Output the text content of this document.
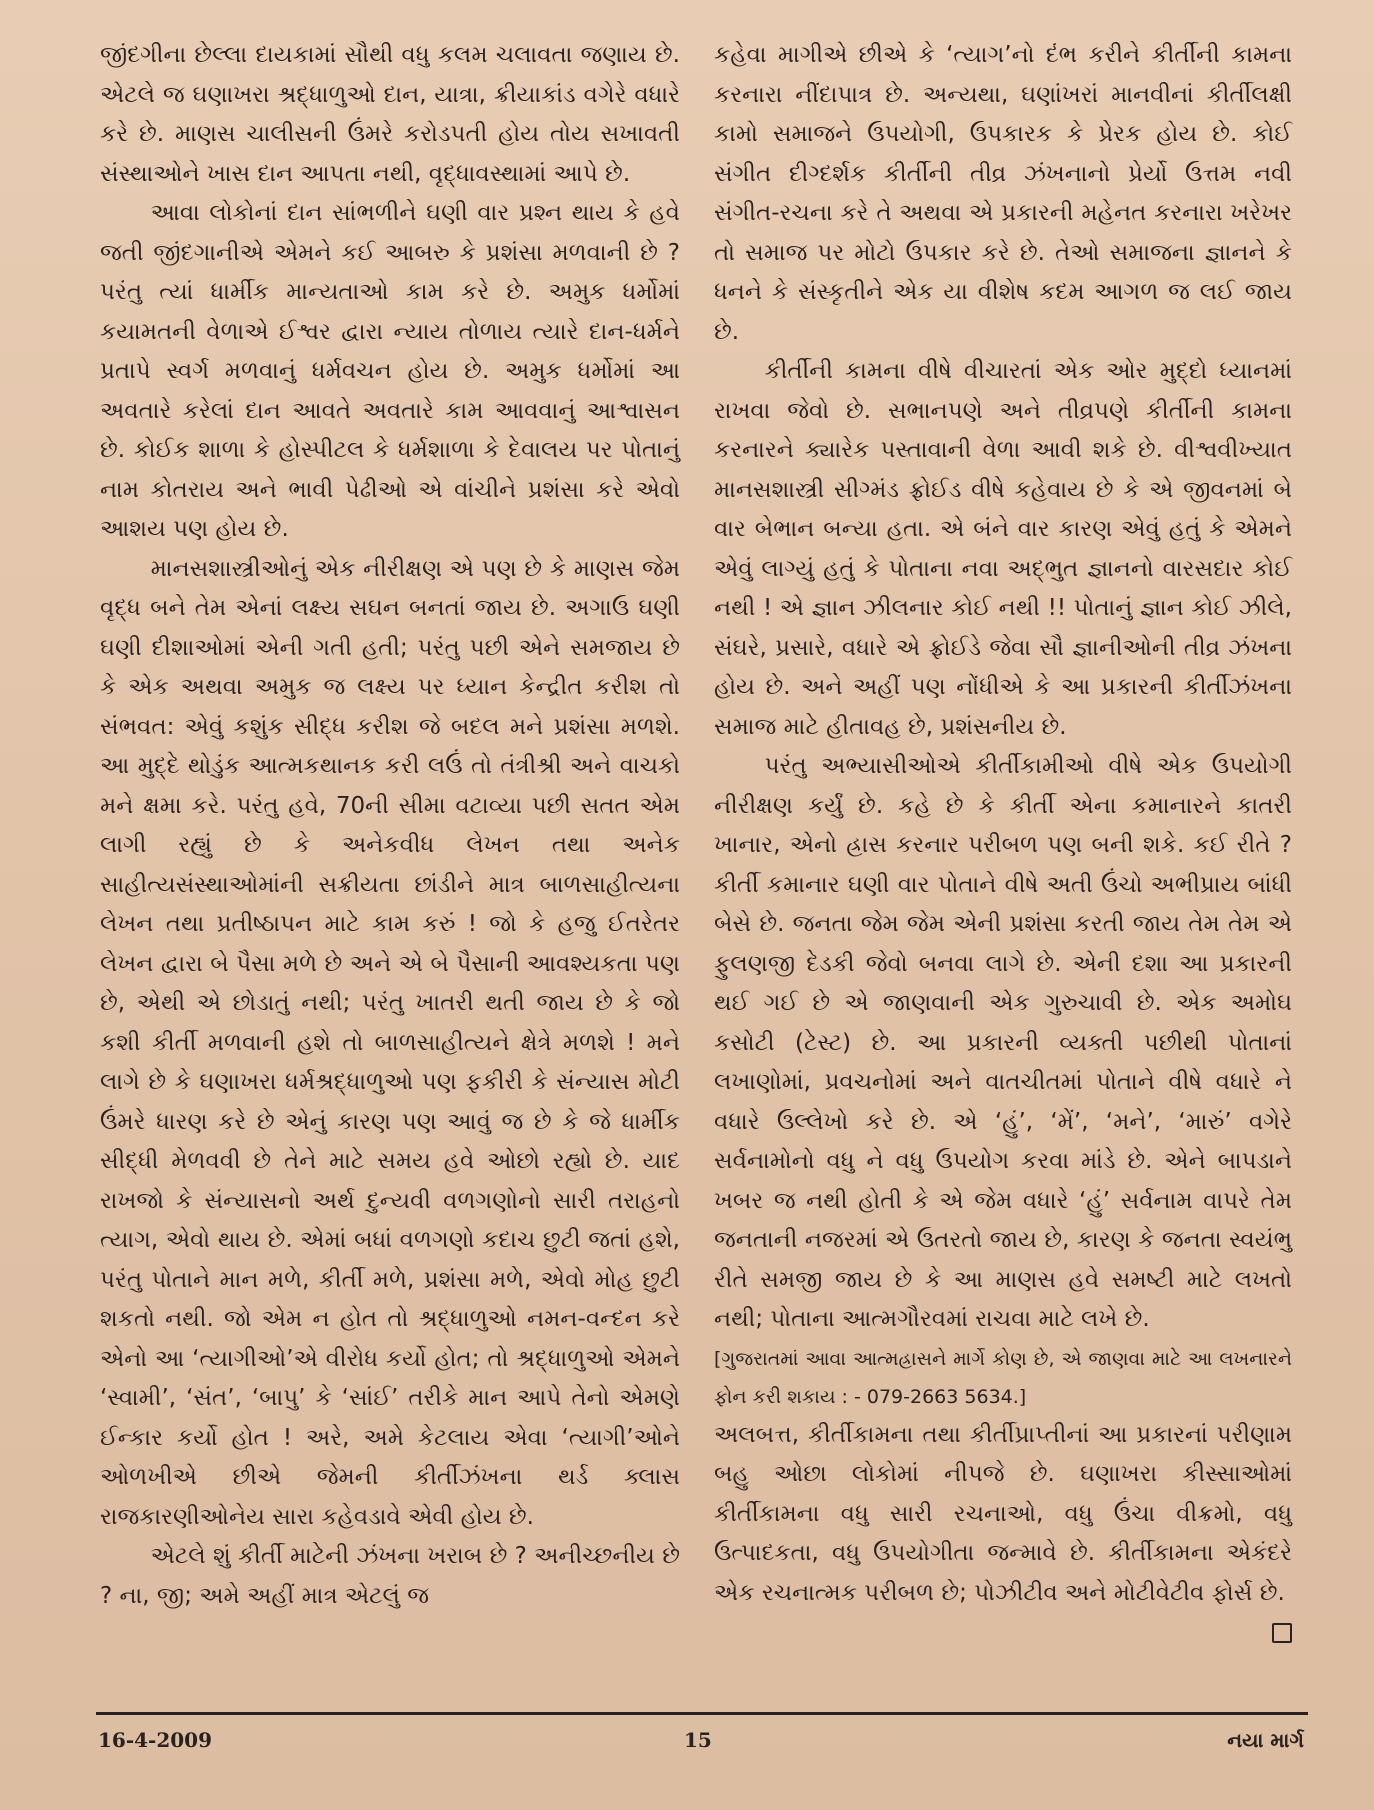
જીંદગીના છેલ્લા દાયકામાં સૌથી વધુ કલમ ચલાવતા જણાય છે. એટલે જ ઘણાખરા શ્રદ્ધાળુઓ દાન, યાત્રા, ક્રીયાકાંડ વગેરે વધારે કરે છે. માણસ ચાલીસની ઉંમરે કરોડપતી હોય તોય સખાવતી સંસ્થાઓને ખાસ દાન આપતા નથી, વૃદ્ધાવસ્થામાં આપે છે.

આવા લોકોનાં દાન સાંભળીને ઘણી વાર પ્રશ્ન થાય કે હવે જતી જીંદગાનીએ એમને કઈ આબરુ કે પ્રશંસા મળવાની છે ? પરંતુ ત્યાં ધાર્મીક માન્યતાઓ કામ કરે છે. અમુક ધર્મોમાં કયામતની વેળાએ ઈશ્વર દ્વારા ન્યાય તોળાય ત્યારે દાન-ધર્મને પ્રતાપે સ્વર્ગ મળવાનું ધર્મવચન હોય છે. અમુક ધર્મોમાં આ અવતારે કરેલાં દાન આવતે અવતારે કામ આવવાનું આશ્વાસન છે. કોઈક શાળા કે હોસ્પીટલ કે ધર્મશાળા કે દેવાલય પર પોતાનું નામ કોતરાય અને ભાવી પેઢીઓ એ વાંચીને પ્રશંસા કરે એવો આશય પણ હોય છે.

માનસશાસ્ત્રીઓનું એક નીરીક્ષણ એ પણ છે કે માણસ જેમ વૃદ્ધ બને તેમ એનાં લક્ષ્ય સઘન બનતાં જાય છે. અગાઉ ઘણી ઘણી દીશાઓમાં એની ગતી હતી; પરંતુ પછી એને સમજાય છે કે એક અથવા અમુક જ લક્ષ્ય પર ધ્યાન કેન્દ્રીત કરીશ તો સંભવત: એવું કશુંક સીદ્ધ કરીશ જે બદલ મને પ્રશંસા મળશે. આ મુદ્દે થોડુંક આત્મકથાનક કરી લઉં તો તંત્રીશ્રી અને વાચકો મને ક્ષમા કરે. પરંતુ હવે, 70ની સીમા વટાવ્યા પછી સતત એમ લાગી રહ્યું છે કે અનેકવીધ લેખન તથા અનેક સાહીત્યસંસ્થાઓમાંની સક્રીયતા છાંડીને માત્ર બાળસાહીત્યના લેખન તથા પ્રતીષ્ઠાપન માટે કામ કરું ! જો કે હજુ ઈતરેતર લેખન દ્વારા બે પૈસા મળે છે અને એ બે પૈસાની આવશ્યકતા પણ છે, એથી એ છોડાતું નથી; પરંતુ ખાતરી થતી જાય છે કે જો કશી કીર્તી મળવાની હશે તો બાળસાહીત્યને ક્ષેત્રે મળશે ! મને લાગે છે કે ઘણાખરા ધર્મશ્રદ્ધાળુઓ પણ ફકીરી કે સંન્યાસ મોટી ઉંમરે ધારણ કરે છે એનું કારણ પણ આવું જ છે કે જે ધાર્મીક સીદ્ધી મેળવવી છે તેને માટે સમય હવે ઓછો રહ્યો છે. યાદ રાખજો કે સંન્યાસનો અર્થ દુન્યવી વળગણોનો સારી તરાહનો ત્યાગ, એવો થાય છે. એમાં બધાં વળગણો કદાચ છુટી જતાં હશે, પરંતુ પોતાને માન મળે, કીર્તી મળે, પ્રશંસા મળે, એવો મોહ છુટી શકતો નથી. જો એમ ન હોત તો શ્રદ્ધાળુઓ નમન-વન્દન કરે એનો આ ‘ત્યાગીઓ’એ વીરોધ કર્યો હોત; તો શ્રદ્ધાળુઓ એમને ‘સ્વામી’, ‘સંત’, ‘બાપુ’ કે ‘સાંઈ’ તરીકે માન આપે તેનો એમણે ઈન્કાર કર્યો હોત ! અરે, અમે કેટલાય એવા ‘ત્યાગી’ઓને ઓળખીએ છીએ જેમની કીર્તીઝંખના થર્ડ ક્લાસ રાજકારણીઓનેય સારા કહેવડાવે એવી હોય છે.

એટલે શું કીર્તી માટેની ઝંખના ખરાબ છે ? અનીચ્છનીય છે ? ના, જી; અમે અહીં માત્ર એટલું જ

કહેવા માગીએ છીએ કે ‘ત્યાગ’નો દંભ કરીને કીર્તીની કામના કરનારા નીંદાપાત્ર છે. અન્યથા, ઘણાંખરાં માનવીનાં કીર્તીલક્ષી કામો સમાજને ઉપયોગી, ઉપકારક કે પ્રેરક હોય છે. કોઈ સંગીત દીગ્દર્શક કીર્તીની તીવ્ર ઝંખનાનો પ્રેર્યો ઉત્તમ નવી સંગીત-રચના કરે તે અથવા એ પ્રકારની મહેનત કરનારા ખરેખર તો સમાજ પર મોટો ઉપકાર કરે છે. તેઓ સમાજના જ્ઞાનને કે ધનને કે સંસ્કૃતીને એક યા વીશેષ કદમ આગળ જ લઈ જાય છે.

કીર્તીની કામના વીષે વીચારતાં એક ઓર મુદ્દો ધ્યાનમાં રાખવા જેવો છે. સભાનપણે અને તીવ્રપણે કીર્તીની કામના કરનારને ક્યારેક પસ્તાવાની વેળા આવી શકે છે. વીશ્વવીખ્યાત માનસશાસ્ત્રી સીગ્મંડ ફ્રોઈડ વીષે કહેવાય છે કે એ જીવનમાં બે વાર બેભાન બન્યા હતા. એ બંને વાર કારણ એવું હતું કે એમને એવું લાગ્યું હતું કે પોતાના નવા અદ્ભુત જ્ઞાનનો વારસદાર કોઈ નથી ! એ જ્ઞાન ઝીલનાર કોઈ નથી !! પોતાનું જ્ઞાન કોઈ ઝીલે, સંઘરે, પ્રસારે, વધારે એ ફ્રોઈડે જેવા સૌ જ્ઞાનીઓની તીવ્ર ઝંખના હોય છે. અને અહીં પણ નોંધીએ કે આ પ્રકારની કીર્તીઝંખના સમાજ માટે હીતાવહ છે, પ્રશંસનીય છે.

પરંતુ અભ્યાસીઓએ કીર્તીકામીઓ વીષે એક ઉપયોગી નીરીક્ષણ કર્યું છે. કહે છે કે કીર્તી એના કમાનારને કાતરી ખાનાર, એનો હ્રાસ કરનાર પરીબળ પણ બની શકે. કઈ રીતે ? કીર્તી કમાનાર ઘણી વાર પોતાને વીષે અતી ઉંચો અભીપ્રાય બાંધી બેસે છે. જનતા જેમ જેમ એની પ્રશંસા કરતી જાય તેમ તેમ એ ફુલણજી દેડકી જેવો બનવા લાગે છે. એની દશા આ પ્રકારની થઈ ગઈ છે એ જાણવાની એક ગુરુચાવી છે. એક અમોઘ કસોટી (ટેસ્ટ) છે. આ પ્રકારની વ્યક્તી પછીથી પોતાનાં લખાણોમાં, પ્રવચનોમાં અને વાતચીતમાં પોતાને વીષે વધારે ને વધારે ઉલ્લેખો કરે છે. એ ‘હું’, ‘મેં’, ‘મને’, ‘મારું’ વગેરે સર્વનામોનો વધુ ને વધુ ઉપયોગ કરવા માંડે છે. એને બાપડાને ખબર જ નથી હોતી કે એ જેમ વધારે ‘હું’ સર્વનામ વાપરે તેમ જનતાની નજરમાં એ ઉતરતો જાય છે, કારણ કે જનતા સ્વયંભુ રીતે સમજી જાય છે કે આ માણસ હવે સમષ્ટી માટે લખતો નથી; પોતાના આત્મગૌરવમાં રાચવા માટે લખે છે.

[ગુજરાતમાં આવા આત્મહ્રાસને માર્ગે કોણ છે, એ જાણવા માટે આ લખનારને ફોન કરી શકાય : - 079-2663 5634.]

અલબત્ત, કીર્તીકામના તથા કીર્તીપ્રાપ્તીનાં આ પ્રકારનાં પરીણામ બહુ ઓછા લોકોમાં નીપજે છે. ઘણાખરા કીસ્સાઓમાં કીર્તીકામના વધુ સારી રચનાઓ, વધુ ઉંચા વીક્રમો, વધુ ઉત્પાદકતા, વધુ ઉપયોગીતા જન્માવે છે. કીર્તીકામના એકંદરે એક રચનાત્મક પરીબળ છે; પોઝીટીવ અને મોટીવેટીવ ફોર્સ છે.

16-4-2009	15	નયા માર્ગ
